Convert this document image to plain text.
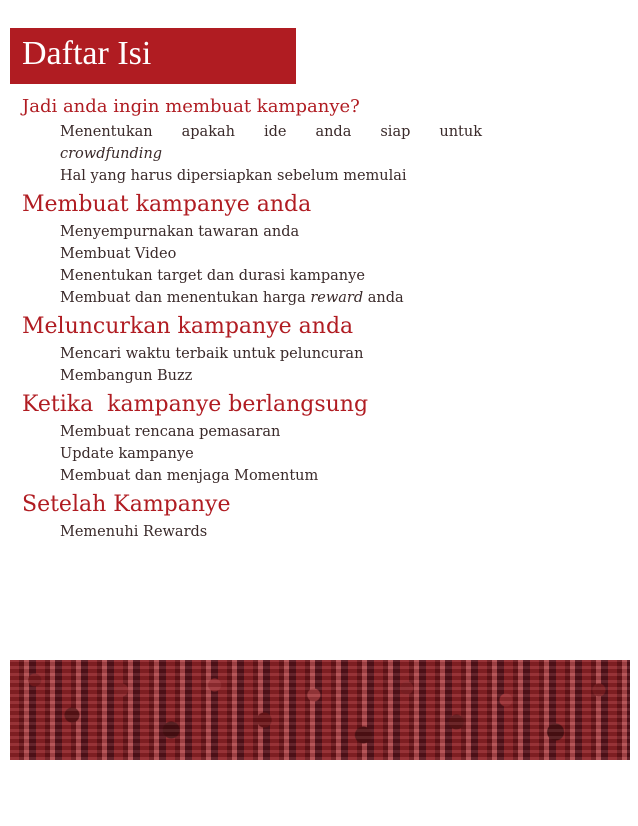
Daftar Isi
Jadi anda ingin membuat kampanye?
Menentukan apakah ide anda siap untuk
crowdfunding
Hal yang harus dipersiapkan sebelum memulai
Membuat kampanye anda
Menyempurnakan tawaran anda
Membuat Video
Menentukan target dan durasi kampanye
Membuat dan menentukan harga reward anda
Meluncurkan kampanye anda
Mencari waktu terbaik untuk peluncuran
Membangun Buzz
Ketika  kampanye berlangsung
Membuat rencana pemasaran
Update kampanye
Membuat dan menjaga Momentum
Setelah Kampanye
Memenuhi Rewards
